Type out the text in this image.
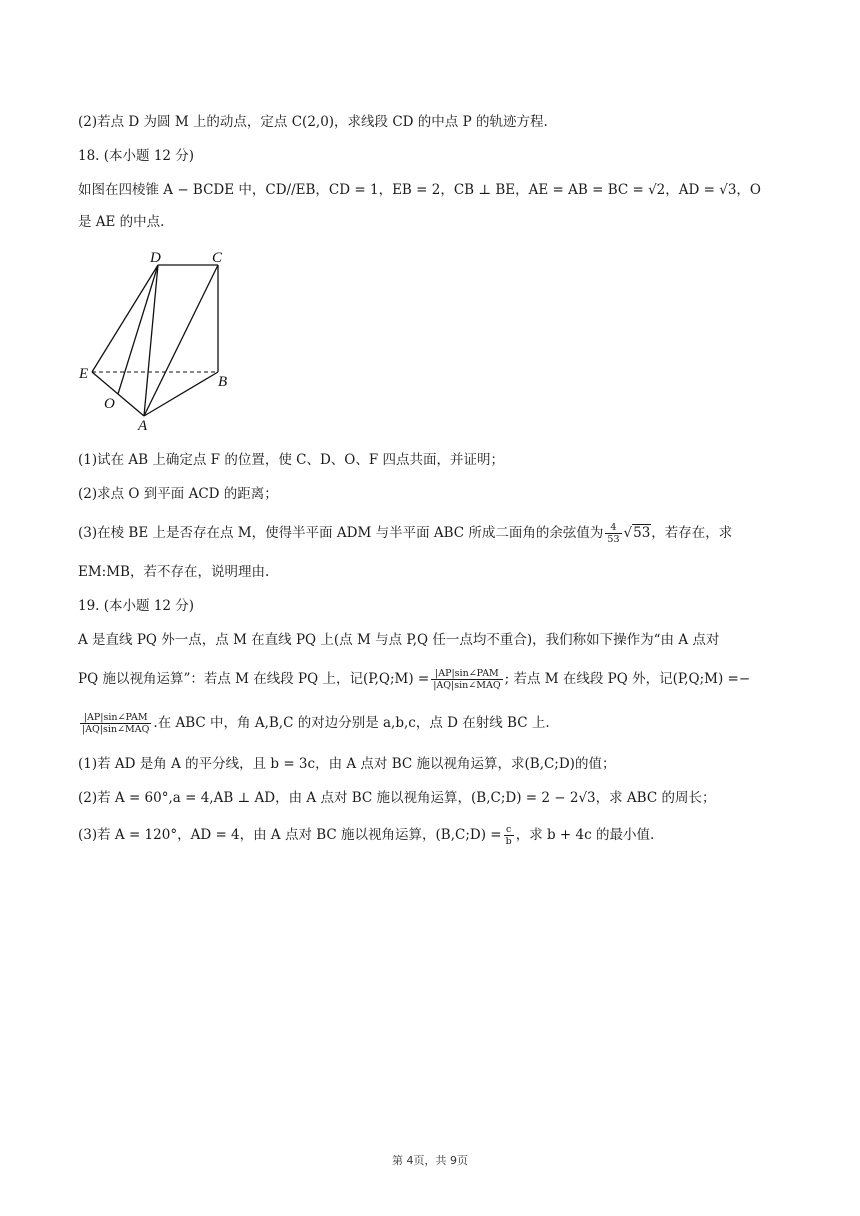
(2)若点 D 为圆 M 上的动点，定点 C(2,0)，求线段 CD 的中点 P 的轨迹方程.
18. (本小题 12 分)
如图在四棱锥 A − BCDE 中，CD//EB，CD = 1，EB = 2，CB ⊥ BE，AE = AB = BC = √2，AD = √3，O
是 AE 的中点.
D	C
E	B
O
A
(1)试在 AB 上确定点 F 的位置，使 C、D、O、F 四点共面，并证明；
(2)求点 O 到平面 ACD 的距离；
(3)在棱 BE 上是否存在点 M，使得半平面 ADM 与半平面 ABC 所成二面角的余弦值为 $\frac{4}{53} √53$，若存在，求
EM:MB，若不存在，说明理由.
19. (本小题 12 分)
A 是直线 PQ 外一点，点 M 在直线 PQ 上(点 M 与点 P,Q 任一点均不重合)，我们称如下操作为“由 A 点对
PQ 施以视角运算”：若点 M 在线段 PQ 上，记(P,Q;M) = $\frac{\text{|AP|sin∠PAM}}{\text{|AQ|sin∠MAQ}}$ ; 若点 M 在线段 PQ 外，记(P,Q;M) =−
$\frac{\text{|AP|sin∠PAM}}{\text{|AQ|sin∠MAQ}}$ .在 ABC 中，角 A,B,C 的对边分别是 a,b,c，点 D 在射线 BC 上.
(1)若 AD 是角 A 的平分线，且 b = 3c，由 A 点对 BC 施以视角运算，求(B,C;D)的值；
(2)若 A = 60°,a = 4,AB ⊥ AD，由 A 点对 BC 施以视角运算，(B,C;D) = 2 − 2√3，求 ABC 的周长；
(3)若 A = 120°，AD = 4，由 A 点对 BC 施以视角运算，(B,C;D) = $\frac{c}{b}$ ，求 b + 4c 的最小值.
第 4页，共 9页
